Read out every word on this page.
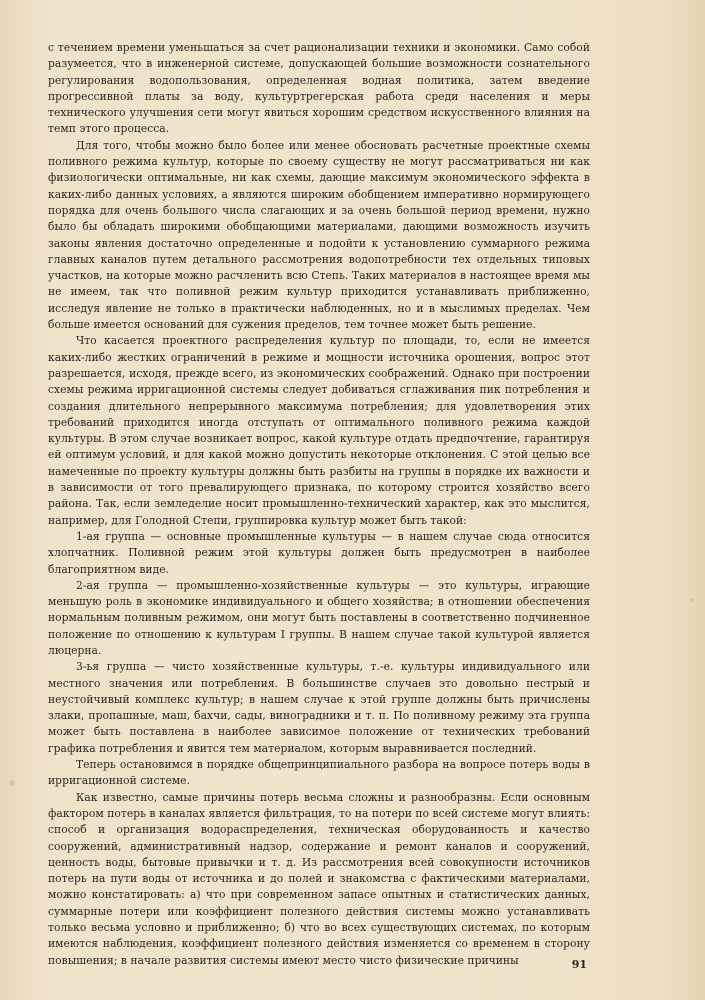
с течением времени уменьшаться за счет рационализации техники и экономики. Само собой разумеется, что в инженерной системе, допускающей большие возможности сознательного регулирования водопользования, определенная водная политика, затем введение прогрессивной платы за воду, культуртрегерская работа среди населения и меры технического улучшения сети могут явиться хорошим средством искусственного влияния на темп этого процесса.

Для того, чтобы можно было более или менее обосновать расчетные проектные схемы поливного режима культур, которые по своему существу не могут рассматриваться ни как физиологически оптимальные, ни как схемы, дающие максимум экономического эффекта в каких-либо данных условиях, а являются широким обобщением императивно нормирующего порядка для очень большого числа слагающих и за очень большой период времени, нужно было бы обладать широкими обобщающими материалами, дающими возможность изучить законы явления достаточно определенные и подойти к установлению суммарного режима главных каналов путем детального рассмотрения водопотребности тех отдельных типовых участков, на которые можно расчленить всю Степь. Таких материалов в настоящее время мы не имеем, так что поливной режим культур приходится устанавливать приближенно, исследуя явление не только в практически наблюденных, но и в мыслимых пределах. Чем больше имеется оснований для сужения пределов, тем точнее может быть решение.

Что касается проектного распределения культур по площади, то, если не имеется каких-либо жестких ограничений в режиме и мощности источника орошения, вопрос этот разрешается, исходя, прежде всего, из экономических соображений. Однако при построении схемы режима ирригационной системы следует добиваться сглаживания пик потребления и создания длительного непрерывного максимума потребления; для удовлетворения этих требований приходится иногда отступать от оптимального поливного режима каждой культуры. В этом случае возникает вопрос, какой культуре отдать предпочтение, гарантируя ей оптимум условий, и для какой можно допустить некоторые отклонения. С этой целью все намеченные по проекту культуры должны быть разбиты на группы в порядке их важности и в зависимости от того превалирующего признака, по которому строится хозяйство всего района. Так, если земледелие носит промышленно-технический характер, как это мыслится, например, для Голодной Степи, группировка культур может быть такой:

1-ая группа — основные промышленные культуры — в нашем случае сюда относится хлопчатник. Поливной режим этой культуры должен быть предусмотрен в наиболее благоприятном виде.

2-ая группа — промышленно-хозяйственные культуры — это культуры, играющие меньшую роль в экономике индивидуального и общего хозяйства; в отношении обеспечения нормальным поливным режимом, они могут быть поставлены в соответственно подчиненное положение по отношению к культурам I группы. В нашем случае такой культурой является люцерна.

3-ья группа — чисто хозяйственные культуры, т.-е. культуры индивидуального или местного значения или потребления. В большинстве случаев это довольно пестрый и неустойчивый комплекс культур; в нашем случае к этой группе должны быть причислены злаки, пропашные, маш, бахчи, сады, виноградники и т. п. По поливному режиму эта группа может быть поставлена в наиболее зависимое положение от технических требований графика потребления и явится тем материалом, которым выравнивается последний.

Теперь остановимся в порядке общепринципиального разбора на вопросе потерь воды в ирригационной системе.

Как известно, самые причины потерь весьма сложны и разнообразны. Если основным фактором потерь в каналах является фильтрация, то на потери по всей системе могут влиять: способ и организация водораспределения, техническая оборудованность и качество сооружений, административный надзор, содержание и ремонт каналов и сооружений, ценность воды, бытовые привычки и т. д. Из рассмотрения всей совокупности источников потерь на пути воды от источника и до полей и знакомства с фактическими материалами, можно констатировать: а) что при современном запасе опытных и статистических данных, суммарные потери или коэффициент полезного действия системы можно устанавливать только весьма условно и приближенно; б) что во всех существующих системах, по которым имеются наблюдения, коэффициент полезного действия изменяется со временем в сторону повышения; в начале развития системы имеют место чисто физические причины	91
